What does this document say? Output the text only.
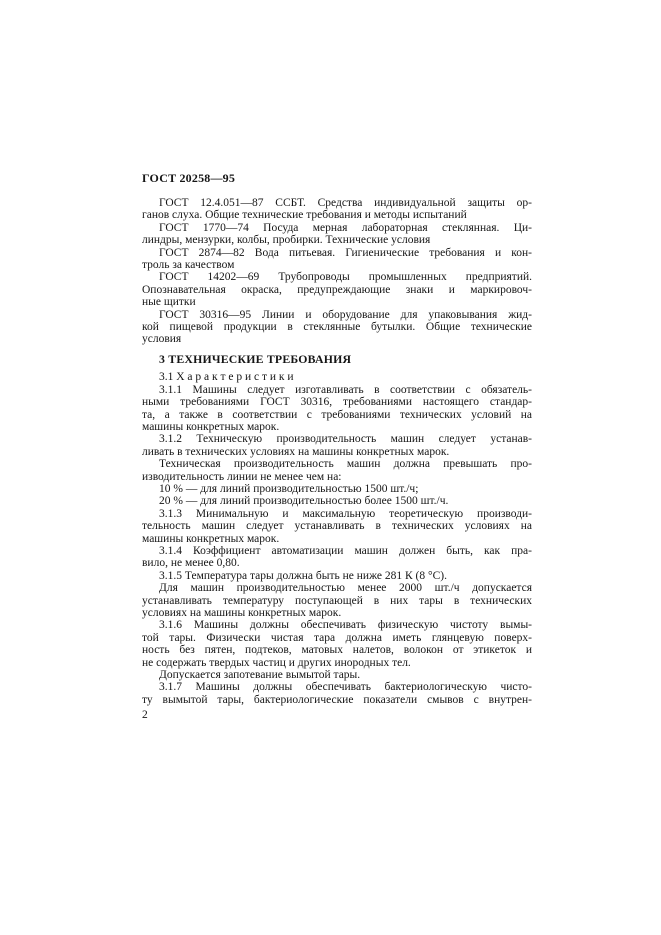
ГОСТ 20258—95
ГОСТ 12.4.051—87 ССБТ. Средства индивидуальной защиты ор-
ганов слуха. Общие технические требования и методы испытаний
ГОСТ 1770—74 Посуда мерная лабораторная стеклянная. Ци-
линдры, мензурки, колбы, пробирки. Технические условия
ГОСТ 2874—82 Вода питьевая. Гигиенические требования и кон-
троль за качеством
ГОСТ 14202—69 Трубопроводы промышленных предприятий.
Опознавательная окраска, предупреждающие знаки и маркировоч-
ные щитки
ГОСТ 30316—95 Линии и оборудование для упаковывания жид-
кой пищевой продукции в стеклянные бутылки. Общие технические
условия
3 ТЕХНИЧЕСКИЕ ТРЕБОВАНИЯ
3.1 Х а р а к т е р и с т и к и
3.1.1 Машины следует изготавливать в соответствии с обязатель-
ными требованиями ГОСТ 30316, требованиями настоящего стандар-
та, а также в соответствии с требованиями технических условий на
машины конкретных марок.
3.1.2 Техническую производительность машин следует устанав-
ливать в технических условиях на машины конкретных марок.
Техническая производительность машин должна превышать про-
изводительность линии не менее чем на:
10 % — для линий производительностью 1500 шт./ч;
20 % — для линий производительностью более 1500 шт./ч.
3.1.3 Минимальную и максимальную теоретическую производи-
тельность машин следует устанавливать в технических условиях на
машины конкретных марок.
3.1.4 Коэффициент автоматизации машин должен быть, как пра-
вило, не менее 0,80.
3.1.5 Температура тары должна быть не ниже 281 К (8 °С).
Для машин производительностью менее 2000 шт./ч допускается
устанавливать температуру поступающей в них тары в технических
условиях на машины конкретных марок.
3.1.6 Машины должны обеспечивать физическую чистоту вымы-
той тары. Физически чистая тара должна иметь глянцевую поверх-
ность без пятен, подтеков, матовых налетов, волокон от этикеток и
не содержать твердых частиц и других инородных тел.
Допускается запотевание вымытой тары.
3.1.7 Машины должны обеспечивать бактериологическую чисто-
ту вымытой тары, бактериологические показатели смывов с внутрен-
2
